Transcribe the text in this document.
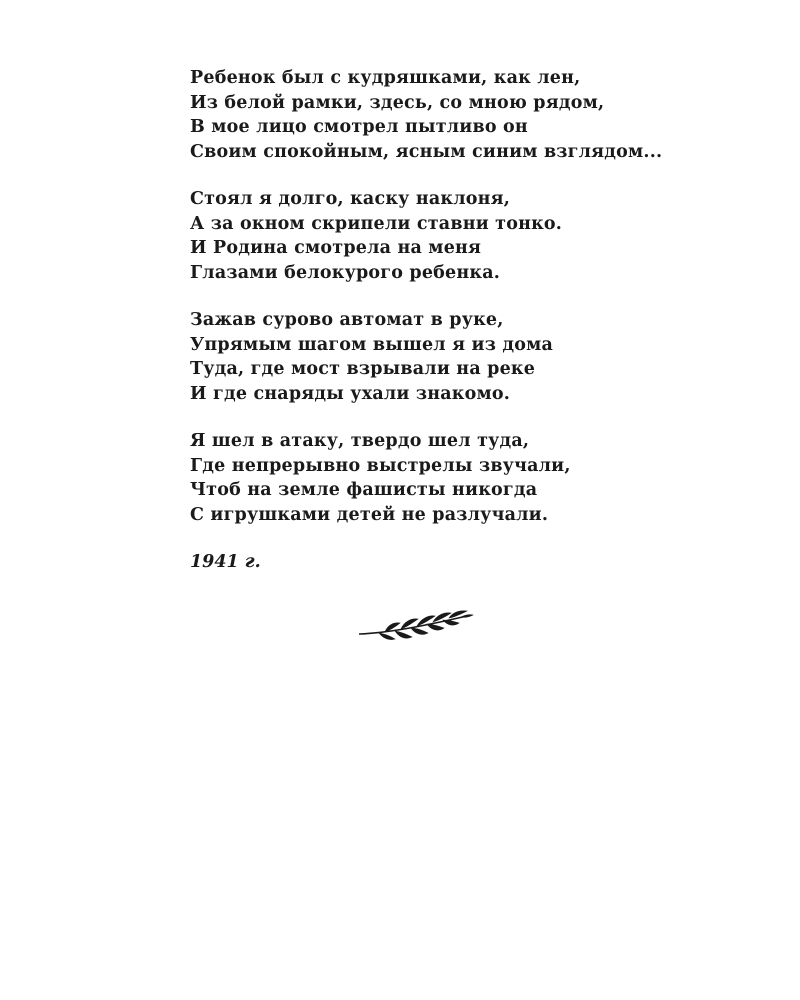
Ребенок был с кудряшками, как лен,
Из белой рамки, здесь, со мною рядом,
В мое лицо смотрел пытливо он
Своим спокойным, ясным синим взглядом...
Стоял я долго, каску наклоня,
А за окном скрипели ставни тонко.
И Родина смотрела на меня
Глазами белокурого ребенка.
Зажав сурово автомат в руке,
Упрямым шагом вышел я из дома
Туда, где мост взрывали на реке
И где снаряды ухали знакомо.
Я шел в атаку, твердо шел туда,
Где непрерывно выстрелы звучали,
Чтоб на земле фашисты никогда
С игрушками детей не разлучали.
1941 г.
